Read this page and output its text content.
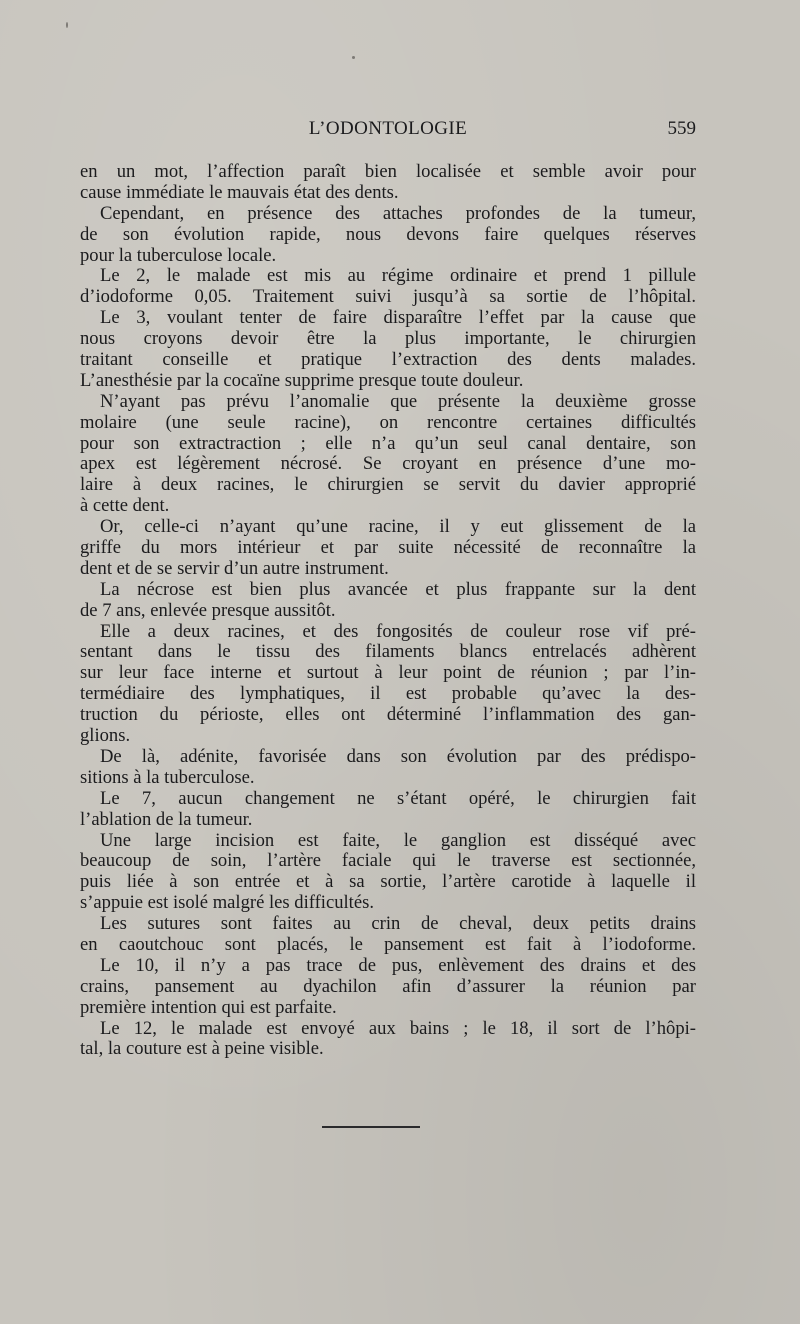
L’ODONTOLOGIE	559
en un mot, l’affection paraît bien localisée et semble avoir pour
cause immédiate le mauvais état des dents.
Cependant, en présence des attaches profondes de la tumeur,
de son évolution rapide, nous devons faire quelques réserves
pour la tuberculose locale.
Le 2, le malade est mis au régime ordinaire et prend 1 pillule
d’iodoforme 0,05. Traitement suivi jusqu’à sa sortie de l’hôpital.
Le 3, voulant tenter de faire disparaître l’effet par la cause que
nous croyons devoir être la plus importante, le chirurgien
traitant conseille et pratique l’extraction des dents malades.
L’anesthésie par la cocaïne supprime presque toute douleur.
N’ayant pas prévu l’anomalie que présente la deuxième grosse
molaire (une seule racine), on rencontre certaines difficultés
pour son extractraction ; elle n’a qu’un seul canal dentaire, son
apex est légèrement nécrosé. Se croyant en présence d’une mo-
laire à deux racines, le chirurgien se servit du davier approprié
à cette dent.
Or, celle-ci n’ayant qu’une racine, il y eut glissement de la
griffe du mors intérieur et par suite nécessité de reconnaître la
dent et de se servir d’un autre instrument.
La nécrose est bien plus avancée et plus frappante sur la dent
de 7 ans, enlevée presque aussitôt.
Elle a deux racines, et des fongosités de couleur rose vif pré-
sentant dans le tissu des filaments blancs entrelacés adhèrent
sur leur face interne et surtout à leur point de réunion ; par l’in-
termédiaire des lymphatiques, il est probable qu’avec la des-
truction du périoste, elles ont déterminé l’inflammation des gan-
glions.
De là, adénite, favorisée dans son évolution par des prédispo-
sitions à la tuberculose.
Le 7, aucun changement ne s’étant opéré, le chirurgien fait
l’ablation de la tumeur.
Une large incision est faite, le ganglion est disséqué avec
beaucoup de soin, l’artère faciale qui le traverse est sectionnée,
puis liée à son entrée et à sa sortie, l’artère carotide à laquelle il
s’appuie est isolé malgré les difficultés.
Les sutures sont faites au crin de cheval, deux petits drains
en caoutchouc sont placés, le pansement est fait à l’iodoforme.
Le 10, il n’y a pas trace de pus, enlèvement des drains et des
crains, pansement au dyachilon afin d’assurer la réunion par
première intention qui est parfaite.
Le 12, le malade est envoyé aux bains ; le 18, il sort de l’hôpi-
tal, la couture est à peine visible.
